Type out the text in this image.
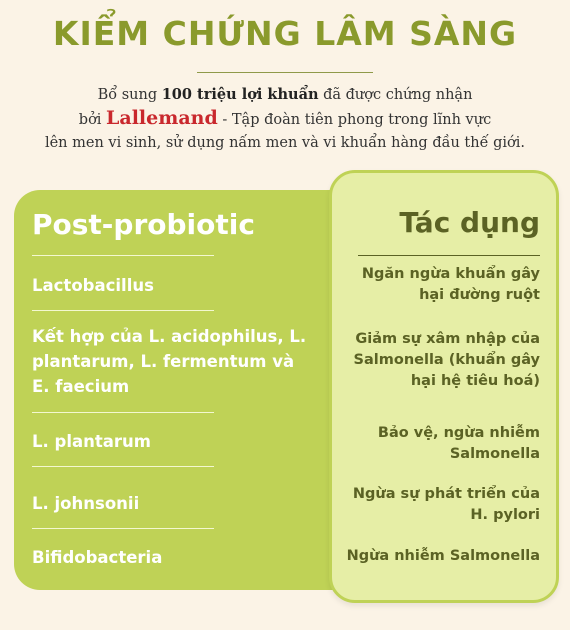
KIỂM CHỨNG LÂM SÀNG
Bổ sung 100 triệu lợi khuẩn đã được chứng nhận
bởi Lallemand - Tập đoàn tiên phong trong lĩnh vực
lên men vi sinh, sử dụng nấm men và vi khuẩn hàng đầu thế giới.
Post-probiotic
Lactobacillus
Kết hợp của L. acidophilus, L. plantarum, L. fermentum và E. faecium
L. plantarum
L. johnsonii
Bifidobacteria
Tác dụng
Ngăn ngừa khuẩn gây hại đường ruột
Giảm sự xâm nhập của Salmonella (khuẩn gây hại hệ tiêu hoá)
Bảo vệ, ngừa nhiễm Salmonella
Ngừa sự phát triển của H. pylori
Ngừa nhiễm Salmonella
